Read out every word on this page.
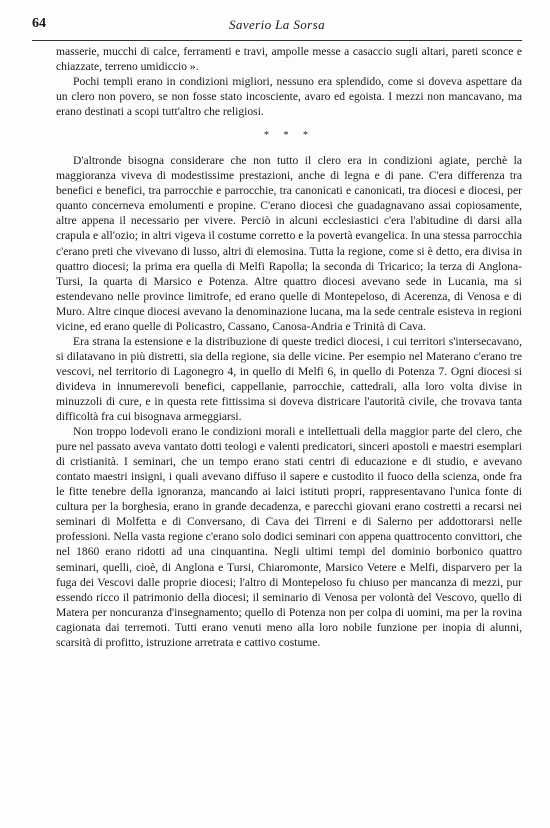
64	Saverio La Sorsa

masserie, mucchi di calce, ferramenti e travi, ampolle messe a casaccio sugli altari, pareti sconce e chiazzate, terreno umidiccio ».

Pochi templi erano in condizioni migliori, nessuno era splendido, come si doveva aspettare da un clero non povero, se non fosse stato incosciente, avaro ed egoista. I mezzi non mancavano, ma erano destinati a scopi tutt'altro che religiosi.

* * *

D'altronde bisogna considerare che non tutto il clero era in condizioni agiate, perchè la maggioranza viveva di modestissime prestazioni, anche di legna e di pane. C'era differenza tra benefici e benefici, tra parrocchie e parrocchie, tra canonicati e canonicati, tra diocesi e diocesi, per quanto concerneva emolumenti e propine. C'erano diocesi che guadagnavano assai copiosamente, altre appena il necessario per vivere. Perciò in alcuni ecclesiastici c'era l'abitudine di darsi alla crapula e all'ozio; in altri vigeva il costume corretto e la povertà evangelica. In una stessa parrocchia c'erano preti che vivevano di lusso, altri di elemosina. Tutta la regione, come si è detto, era divisa in quattro diocesi; la prima era quella di Melfi Rapolla; la seconda di Tricarico; la terza di Anglona-Tursi, la quarta di Marsico e Potenza. Altre quattro diocesi avevano sede in Lucania, ma si estendevano nelle province limitrofe, ed erano quelle di Montepeloso, di Acerenza, di Venosa e di Muro. Altre cinque diocesi avevano la denominazione lucana, ma la sede centrale esisteva in regioni vicine, ed erano quelle di Policastro, Cassano, Canosa-Andria e Trinità di Cava.

Era strana la estensione e la distribuzione di queste tredici diocesi, i cui territori s'intersecavano, si dilatavano in più distretti, sia della regione, sia delle vicine. Per esempio nel Materano c'erano tre vescovi, nel territorio di Lagonegro 4, in quello di Melfi 6, in quello di Potenza 7. Ogni diocesi si divideva in innumerevoli benefici, cappellanie, parrocchie, cattedrali, alla loro volta divise in minuzzoli di cure, e in questa rete fittissima si doveva districare l'autorità civile, che trovava tanta difficoltà fra cui bisognava armeggiarsi.

Non troppo lodevoli erano le condizioni morali e intellettuali della maggior parte del clero, che pure nel passato aveva vantato dotti teologi e valenti predicatori, sinceri apostoli e maestri esemplari di cristianità. I seminari, che un tempo erano stati centri di educazione e di studio, e avevano contato maestri insigni, i quali avevano diffuso il sapere e custodito il fuoco della scienza, onde fra le fitte tenebre della ignoranza, mancando ai laici istituti propri, rappresentavano l'unica fonte di cultura per la borghesia, erano in grande decadenza, e parecchi giovani erano costretti a recarsi nei seminari di Molfetta e di Conversano, di Cava dei Tirreni e di Salerno per addottorarsi nelle professioni. Nella vasta regione c'erano solo dodici seminari con appena quattrocento convittori, che nel 1860 erano ridotti ad una cinquantina. Negli ultimi tempi del dominio borbonico quattro seminari, quelli, cioè, di Anglona e Tursi, Chiaromonte, Marsico Vetere e Melfi, disparvero per la fuga dei Vescovi dalle proprie diocesi; l'altro di Montepeloso fu chiuso per mancanza di mezzi, pur essendo ricco il patrimonio della diocesi; il seminario di Venosa per volontà del Vescovo, quello di Matera per noncuranza d'insegnamento; quello di Potenza non per colpa di uomini, ma per la rovina cagionata dai terremoti. Tutti erano venuti meno alla loro nobile funzione per inopia di alunni, scarsità di profitto, istruzione arretrata e cattivo costume.
